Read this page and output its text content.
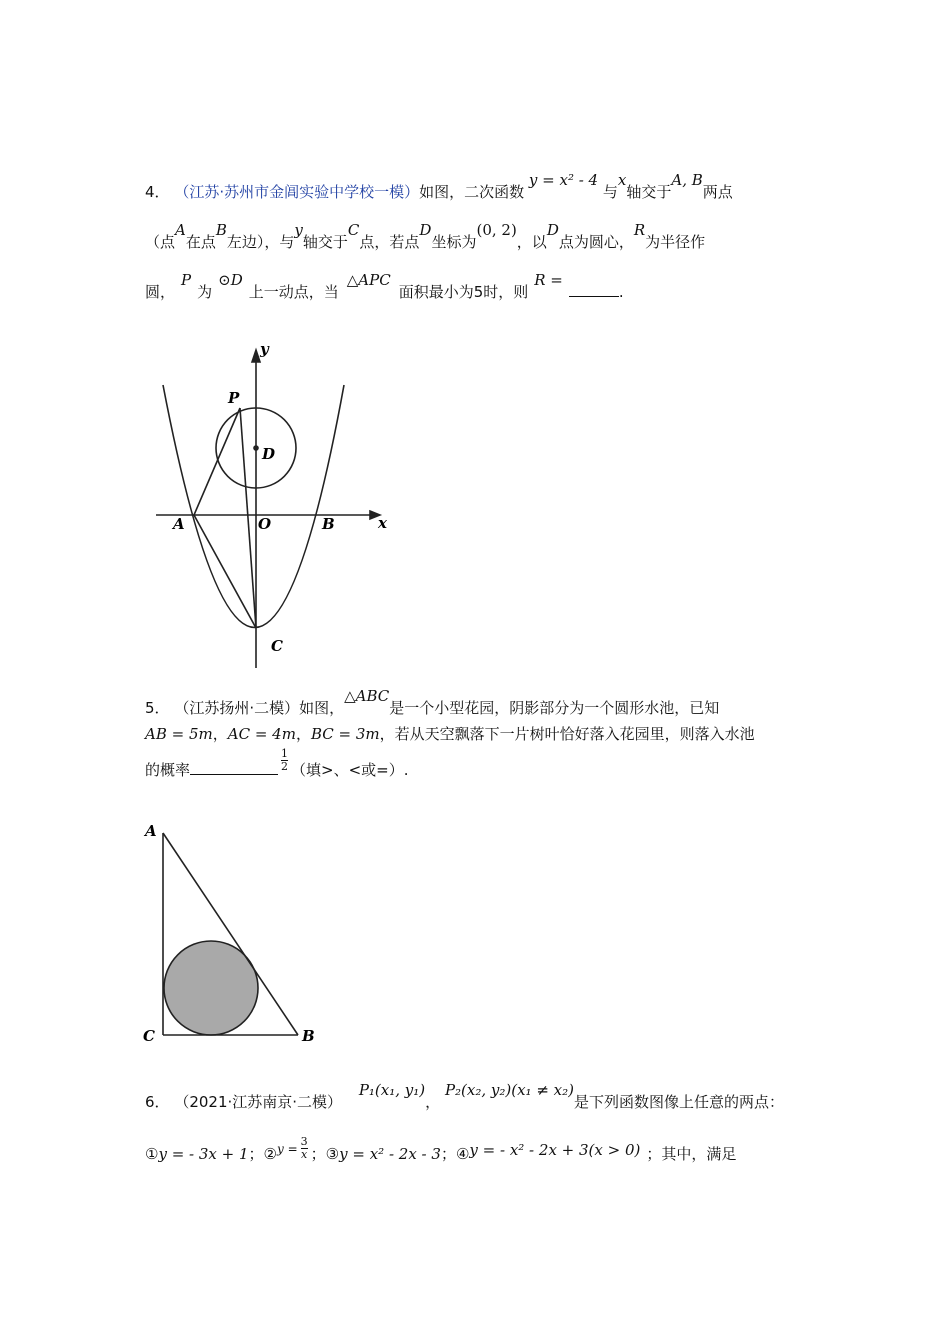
4． （江苏·苏州市金阊实验中学校一模）如图，二次函数 y = x² - 4 与x轴交于A, B两点
（点A在点B左边），与y轴交于C点，若点D坐标为(0, 2)，以D点为圆心，R为半径作
圆，P为⊙D上一动点，当△APC面积最小为5时，则R =.
y
x
A	B
O
C
D
P
5． （江苏扬州·二模）如图，△ABC是一个小型花园，阴影部分为一个圆形水池，已知
AB = 5m，AC = 4m，BC = 3m，若从天空飘落下一片树叶恰好落入花园里，则落入水池
的概率	$\frac{1}{2}$ （填>、<或=）.
A
C	B
6． （2021·江苏南京·二模） P₁(x₁, y₁)， P₂(x₂, y₂)(x₁ ≠ x₂)是下列函数图像上任意的两点：
①y = - 3x + 1；②$^{y =}$ $\frac{3}{x}$ ；③y = x² - 2x - 3；④y = - x² - 2x + 3(x > 0) ；其中，满足
